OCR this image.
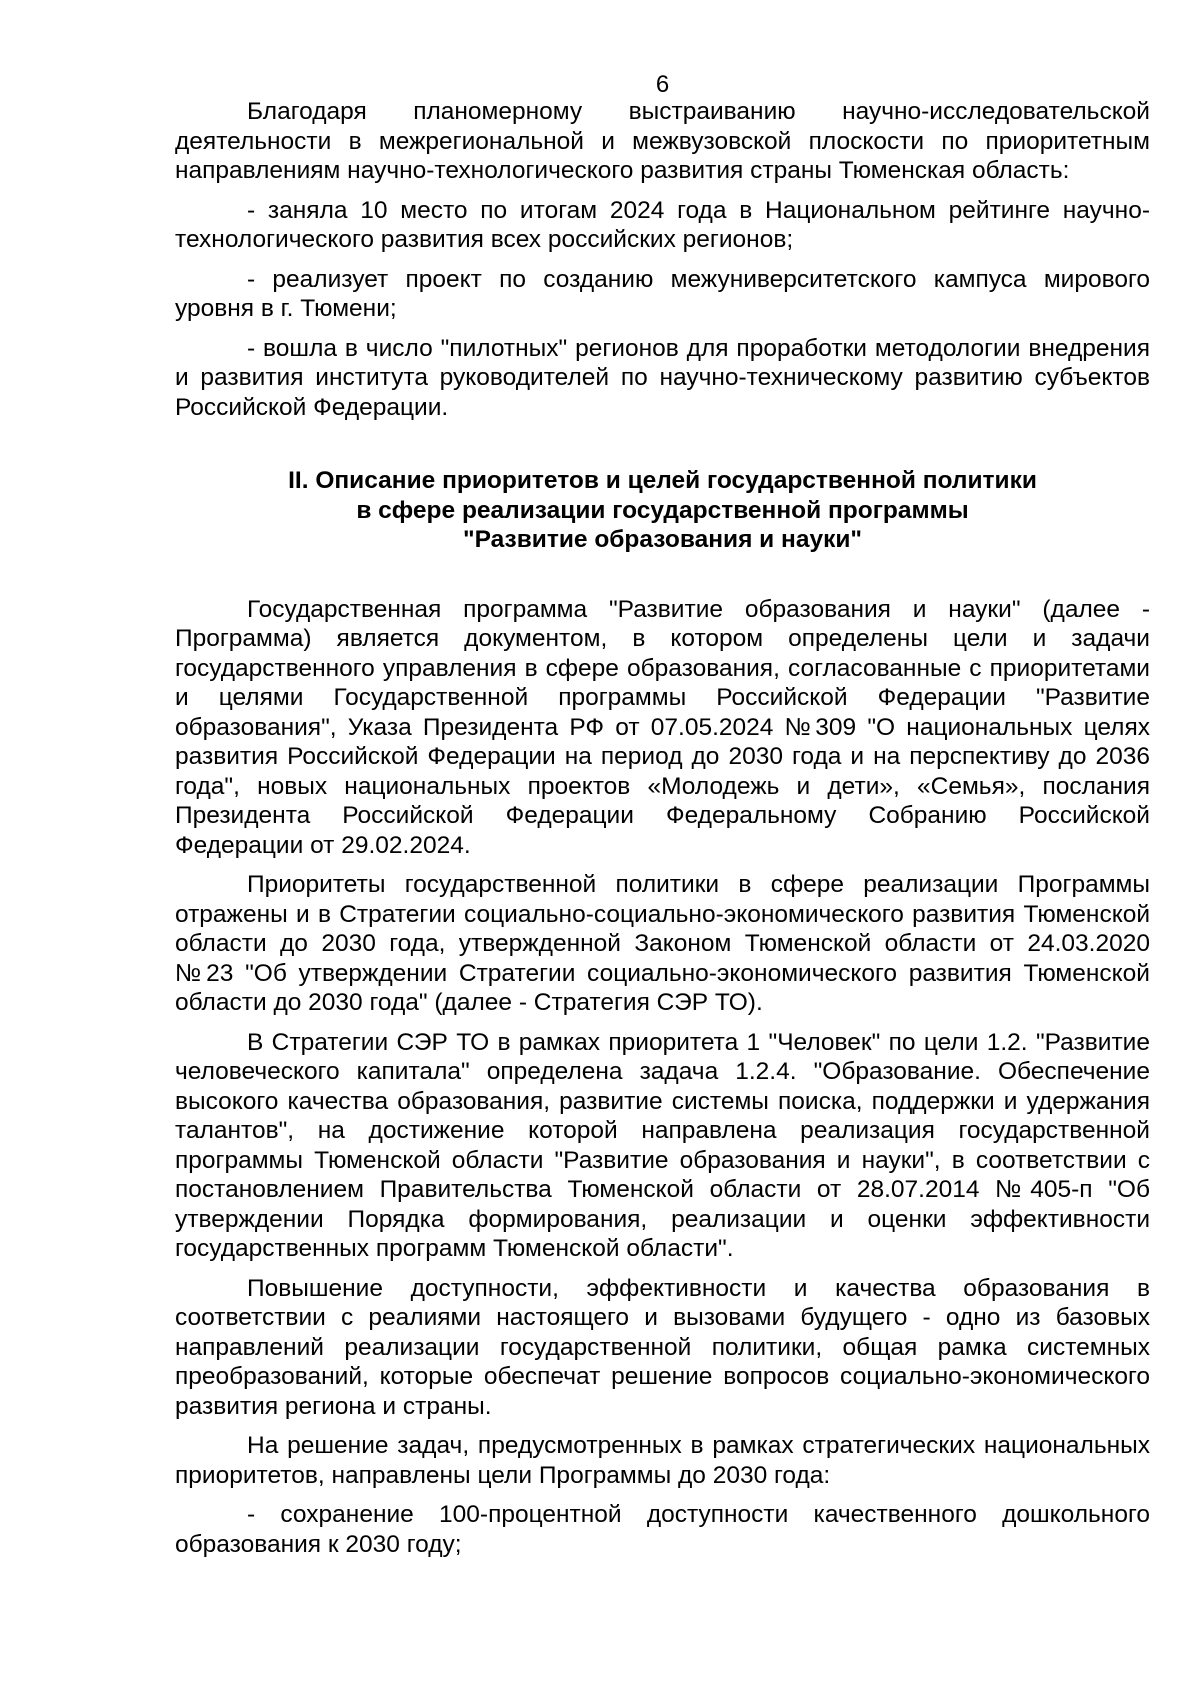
6

Благодаря планомерному выстраиванию научно-исследовательской деятельности в межрегиональной и межвузовской плоскости по приоритетным направлениям научно-технологического развития страны Тюменская область:

- заняла 10 место по итогам 2024 года в Национальном рейтинге научно-технологического развития всех российских регионов;

- реализует проект по созданию межуниверситетского кампуса мирового уровня в г. Тюмени;

- вошла в число "пилотных" регионов для проработки методологии внедрения и развития института руководителей по научно-техническому развитию субъектов Российской Федерации.

II. Описание приоритетов и целей государственной политики
в сфере реализации государственной программы
"Развитие образования и науки"

Государственная программа "Развитие образования и науки" (далее - Программа) является документом, в котором определены цели и задачи государственного управления в сфере образования, согласованные с приоритетами и целями Государственной программы Российской Федерации "Развитие образования", Указа Президента РФ от 07.05.2024 №309 "О национальных целях развития Российской Федерации на период до 2030 года и на перспективу до 2036 года", новых национальных проектов «Молодежь и дети», «Семья», послания Президента Российской Федерации Федеральному Собранию Российской Федерации от 29.02.2024.

Приоритеты государственной политики в сфере реализации Программы отражены и в Стратегии социально-социально-экономического развития Тюменской области до 2030 года, утвержденной Законом Тюменской области от 24.03.2020 №23 "Об утверждении Стратегии социально-экономического развития Тюменской области до 2030 года" (далее - Стратегия СЭР ТО).

В Стратегии СЭР ТО в рамках приоритета 1 "Человек" по цели 1.2. "Развитие человеческого капитала" определена задача 1.2.4. "Образование. Обеспечение высокого качества образования, развитие системы поиска, поддержки и удержания талантов", на достижение которой направлена реализация государственной программы Тюменской области "Развитие образования и науки", в соответствии с постановлением Правительства Тюменской области от 28.07.2014 №405-п "Об утверждении Порядка формирования, реализации и оценки эффективности государственных программ Тюменской области".

Повышение доступности, эффективности и качества образования в соответствии с реалиями настоящего и вызовами будущего - одно из базовых направлений реализации государственной политики, общая рамка системных преобразований, которые обеспечат решение вопросов социально-экономического развития региона и страны.

На решение задач, предусмотренных в рамках стратегических национальных приоритетов, направлены цели Программы до 2030 года:

- сохранение 100-процентной доступности качественного дошкольного образования к 2030 году;
